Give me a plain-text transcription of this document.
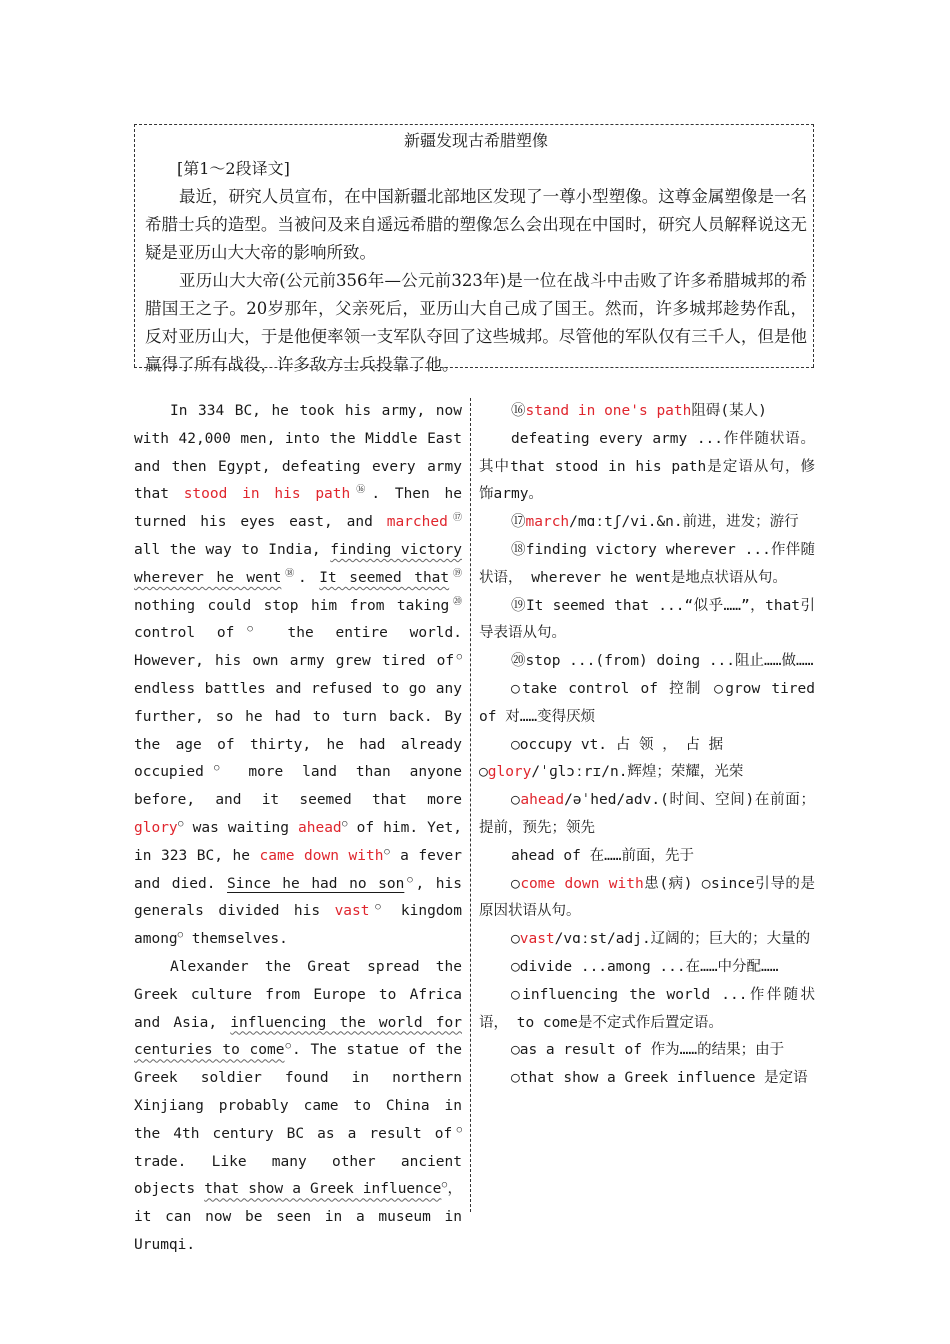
新疆发现古希腊塑像
[第1～2段译文]

最近，研究人员宣布，在中国新疆北部地区发现了一尊小型塑像。这尊金属塑像是一名希腊士兵的造型。当被问及来自遥远希腊的塑像怎么会出现在中国时，研究人员解释说这无疑是亚历山大大帝的影响所致。

亚历山大大帝(公元前356年—公元前323年)是一位在战斗中击败了许多希腊城邦的希腊国王之子。20岁那年，父亲死后，亚历山大自己成了国王。然而，许多城邦趁势作乱，反对亚历山大，于是他便率领一支军队夺回了这些城邦。尽管他的军队仅有三千人，但是他赢得了所有战役，许多敌方士兵投靠了他。

In 334 BC, he took his army, now with 42,000 men, into the Middle East and then Egypt, defeating every army that stood in his path⑯. Then he turned his eyes east, and marched⑰ all the way to India, finding victory wherever he went⑱. It seemed that⑲ nothing could stop him from taking⑳ control of○ the entire world. However, his own army grew tired of○ endless battles and refused to go any further, so he had to turn back. By the age of thirty, he had already occupied○ more land than anyone before, and it seemed that more glory○ was waiting ahead○ of him. Yet, in 323 BC, he came down with○ a fever and died. Since he had no son○, his generals divided his vast○ kingdom among○ themselves.

Alexander the Great spread the Greek culture from Europe to Africa and Asia, influencing the world for centuries to come○. The statue of the Greek soldier found in northern Xinjiang probably came to China in the 4th century BC as a result of○ trade. Like many other ancient objects that show a Greek influence○， it can now be seen in a museum in Urumqi.

⑯stand in one's path阻碍(某人)

defeating every army ...作伴随状语。其中that stood in his path是定语从句，修饰army。

⑰march/mɑːtʃ/vi.&n.前进，进发；游行

⑱finding victory wherever ...作伴随状语， wherever he went是地点状语从句。

⑲It seemed that ...“似乎……”，that引导表语从句。

⑳stop ...(from) doing ...阻止……做……

○take control of 控制 ○grow tired of 对……变得厌烦

○occupy vt. 占 领 ， 占 据

○glory/ˈɡlɔːrɪ/n.辉煌；荣耀，光荣

○ahead/əˈhed/adv.(时间、空间)在前面；提前，预先；领先

ahead of 在……前面，先于

○come down with患(病) ○since引导的是原因状语从句。

○vast/vɑːst/adj.辽阔的；巨大的；大量的

○divide ...among ...在……中分配……

○influencing the world ...作伴随状语， to come是不定式作后置定语。

○as a result of 作为……的结果；由于

○that show a Greek influence 是定语
